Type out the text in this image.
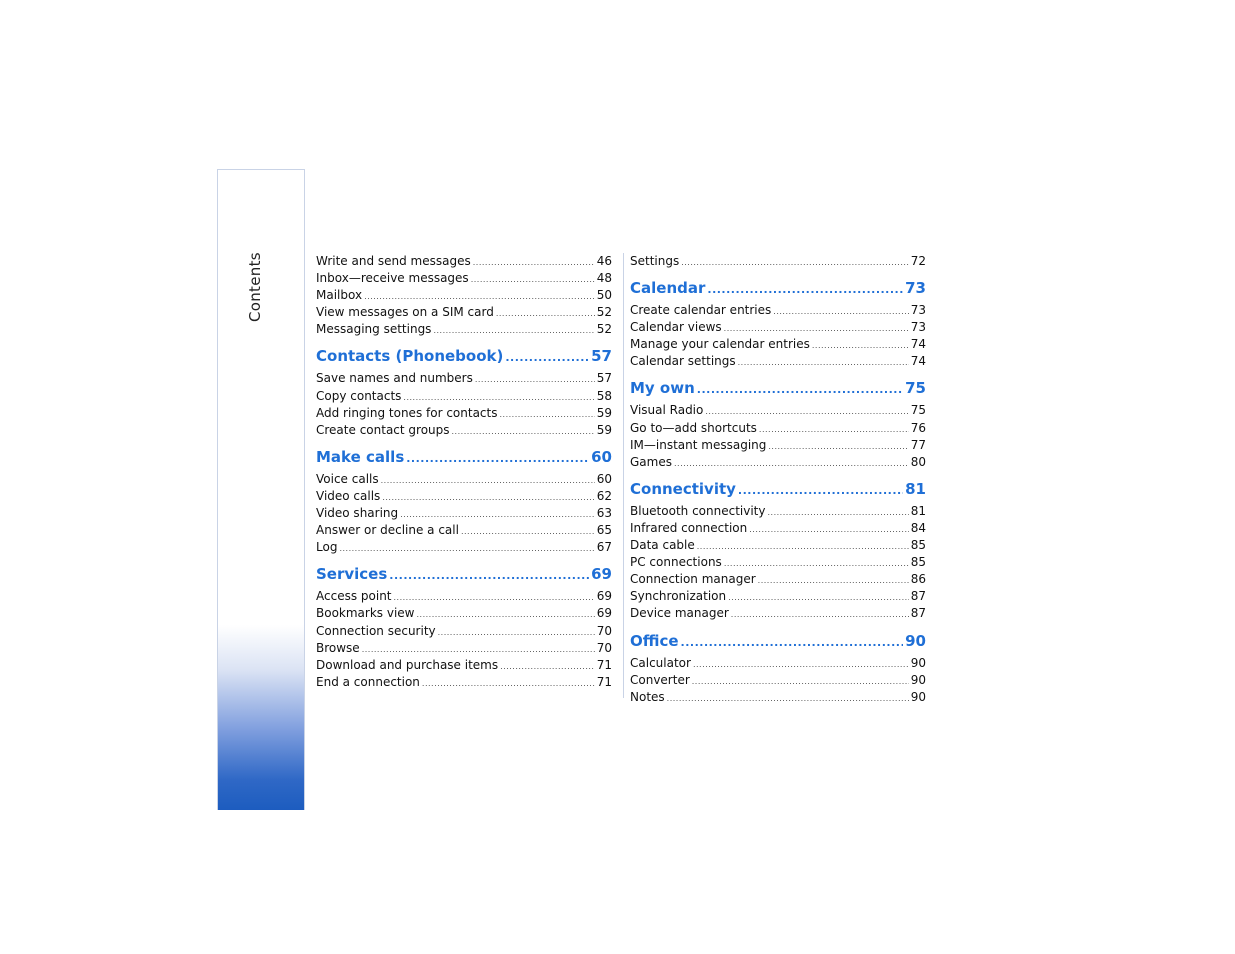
Contents	Write and send messages .....	46
Inbox—receive messages .....	48
Mailbox .....	50
View messages on a SIM card .....	52
Messaging settings .....	52
Contacts (Phonebook) .....	57
Save names and numbers .....	57
Copy contacts .....	58
Add ringing tones for contacts .....	59
Create contact groups .....	59
Make calls .....	60
Voice calls .....	60
Video calls .....	62
Video sharing .....	63
Answer or decline a call .....	65
Log .....	67
Services .....	69
Access point .....	69
Bookmarks view .....	69
Connection security .....	70
Browse .....	70
Download and purchase items .....	71
End a connection .....	71
Settings .....	72
Calendar .....	73
Create calendar entries .....	73
Calendar views .....	73
Manage your calendar entries .....	74
Calendar settings .....	74
My own .....	75
Visual Radio .....	75
Go to—add shortcuts .....	76
IM—instant messaging .....	77
Games .....	80
Connectivity .....	81
Bluetooth connectivity .....	81
Infrared connection .....	84
Data cable .....	85
PC connections .....	85
Connection manager .....	86
Synchronization .....	87
Device manager .....	87
Office .....	90
Calculator .....	90
Converter .....	90
Notes .....	90
